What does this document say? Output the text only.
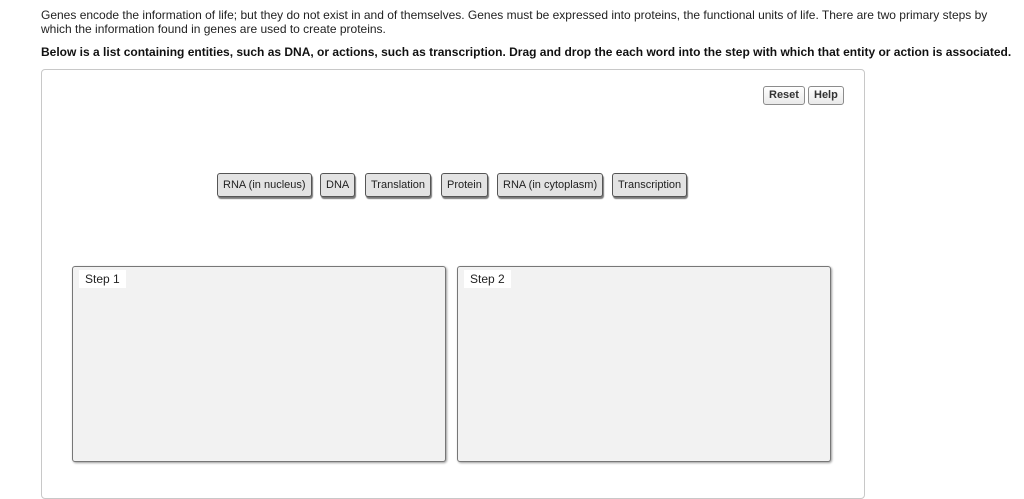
Genes encode the information of life; but they do not exist in and of themselves. Genes must be expressed into proteins, the functional units of life. There are two primary steps by which the information found in genes are used to create proteins.
Below is a list containing entities, such as DNA, or actions, such as transcription. Drag and drop the each word into the step with which that entity or action is associated.
Reset	Help
RNA (in nucleus)	DNA	Translation	Protein	RNA (in cytoplasm)	Transcription
Step 1	Step 2
